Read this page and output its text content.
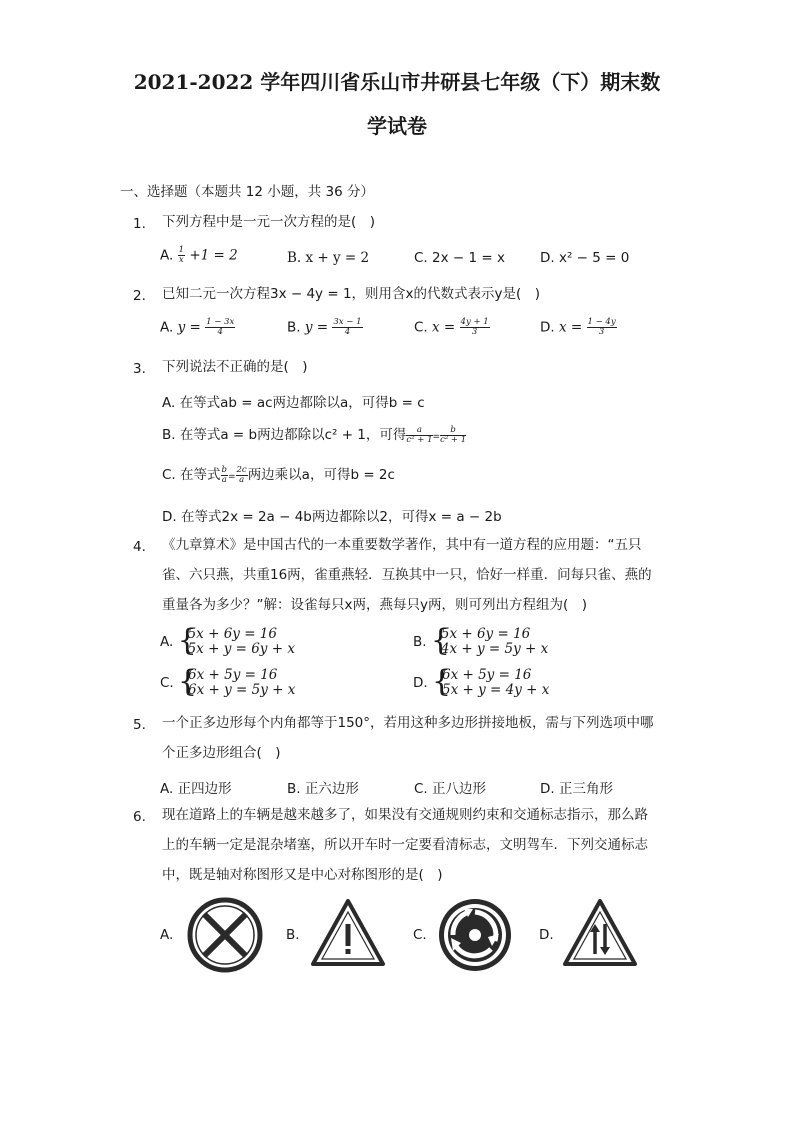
2021-2022 学年四川省乐山市井研县七年级（下）期末数
学试卷
一、选择题（本题共 12 小题，共 36 分）
1. 下列方程中是一元一次方程的是(　)
A. $\frac{1}{x} +1 = 2$	B. x + y = 2	C. 2x − 1 = x	D. x² − 5 = 0
2. 已知二元一次方程3x − 4y = 1，则用含x的代数式表示y是(　)
A. $y = \frac{1 - 3x}{4}$	B. $y = \frac{3x - 1}{4}$	C. $x = \frac{4y + 1}{3}$	D. $x = \frac{1 - 4y}{3}$
3. 下列说法不正确的是(　)
A. 在等式ab = ac两边都除以a，可得b = c
B. 在等式a = b两边都除以c² + 1，可得 $\frac{a}{\text{c² + 1}} = \frac{b}{\text{c² + 1}}$
C. 在等式 $\frac{b}{a} = \frac{2c}{a}$ 两边乘以a，可得b = 2c
D. 在等式2x = 2a − 4b两边都除以2，可得x = a − 2b
4. 《九章算术》是中国古代的一本重要数学著作，其中有一道方程的应用题：“五只
雀、六只燕，共重16两，雀重燕轻．互换其中一只，恰好一样重．问每只雀、燕的
重量各为多少？”解：设雀每只x两，燕每只y两，则可列出方程组为(　)
A. {
5x + 6y = 16
5x + y = 6y + x	B. {
5x + 6y = 16
4x + y = 5y + x
C. {
6x + 5y = 16
6x + y = 5y + x	D. {
6x + 5y = 16
5x + y = 4y + x
5. 一个正多边形每个内角都等于150°，若用这种多边形拼接地板，需与下列选项中哪
个正多边形组合(　)
A. 正四边形	B. 正六边形	C. 正八边形	D. 正三角形
6. 现在道路上的车辆是越来越多了，如果没有交通规则约束和交通标志指示，那么路
上的车辆一定是混杂堵塞，所以开车时一定要看清标志，文明驾车．下列交通标志
中，既是轴对称图形又是中心对称图形的是(　)
A.	B.	C.	D.
